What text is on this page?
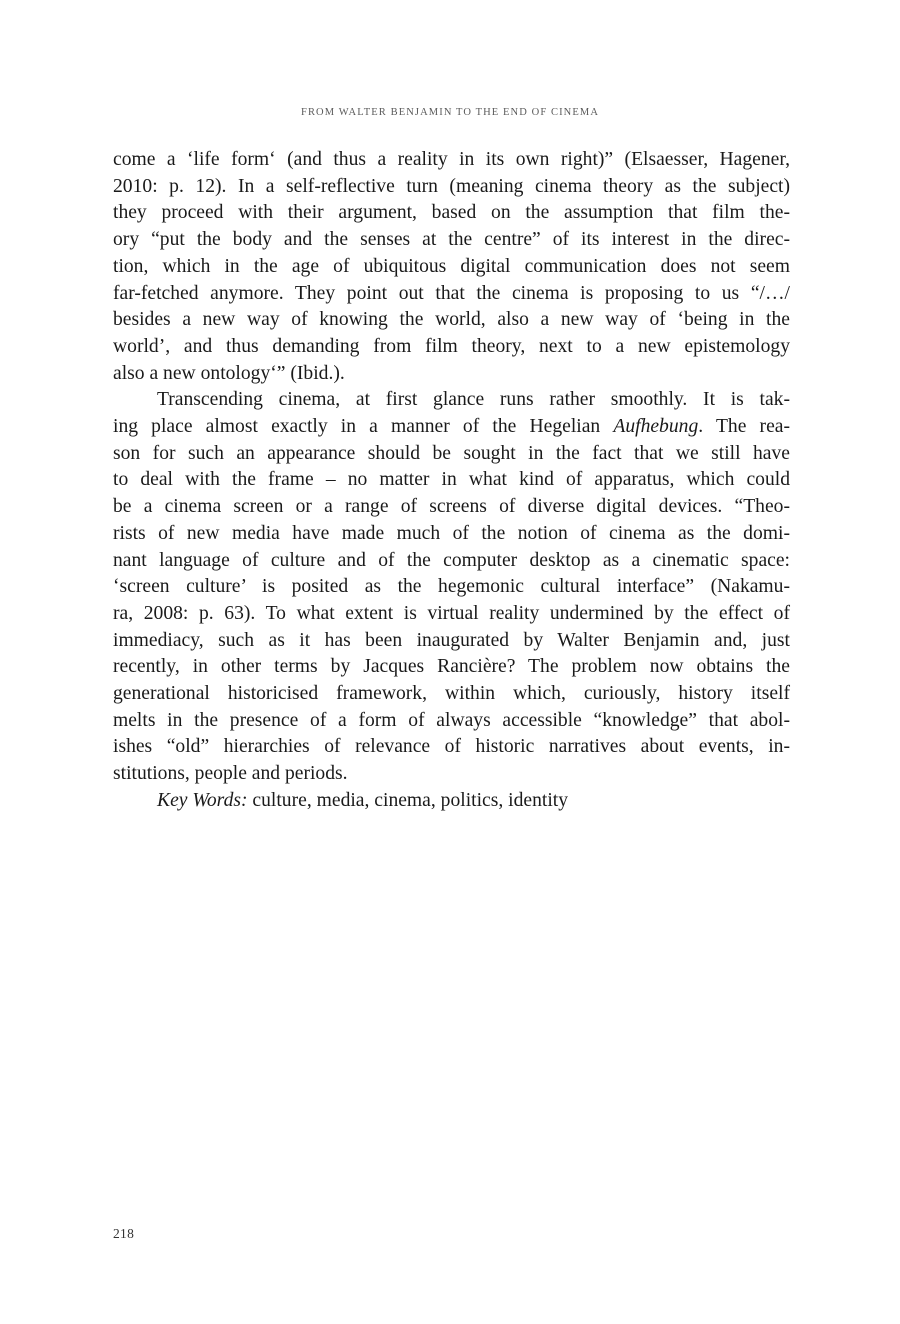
FROM WALTER BENJAMIN TO THE END OF CINEMA
come a ‘life form‘ (and thus a reality in its own right)” (Elsaesser, Hagener,
2010: p. 12). In a self-reflective turn (meaning cinema theory as the subject)
they proceed with their argument, based on the assumption that film the-
ory “put the body and the senses at the centre” of its interest in the direc-
tion, which in the age of ubiquitous digital communication does not seem
far-fetched anymore. They point out that the cinema is proposing to us “/…/
besides a new way of knowing the world, also a new way of ‘being in the
world’, and thus demanding from film theory, next to a new epistemology
also a new ontology‘” (Ibid.).
Transcending cinema, at first glance runs rather smoothly. It is tak-
ing place almost exactly in a manner of the Hegelian Aufhebung. The rea-
son for such an appearance should be sought in the fact that we still have
to deal with the frame – no matter in what kind of apparatus, which could
be a cinema screen or a range of screens of diverse digital devices. “Theo-
rists of new media have made much of the notion of cinema as the domi-
nant language of culture and of the computer desktop as a cinematic space:
‘screen culture’ is posited as the hegemonic cultural interface” (Nakamu-
ra, 2008: p. 63). To what extent is virtual reality undermined by the effect of
immediacy, such as it has been inaugurated by Walter Benjamin and, just
recently, in other terms by Jacques Rancière? The problem now obtains the
generational historicised framework, within which, curiously, history itself
melts in the presence of a form of always accessible “knowledge” that abol-
ishes “old” hierarchies of relevance of historic narratives about events, in-
stitutions, people and periods.
Key Words: culture, media, cinema, politics, identity
218
